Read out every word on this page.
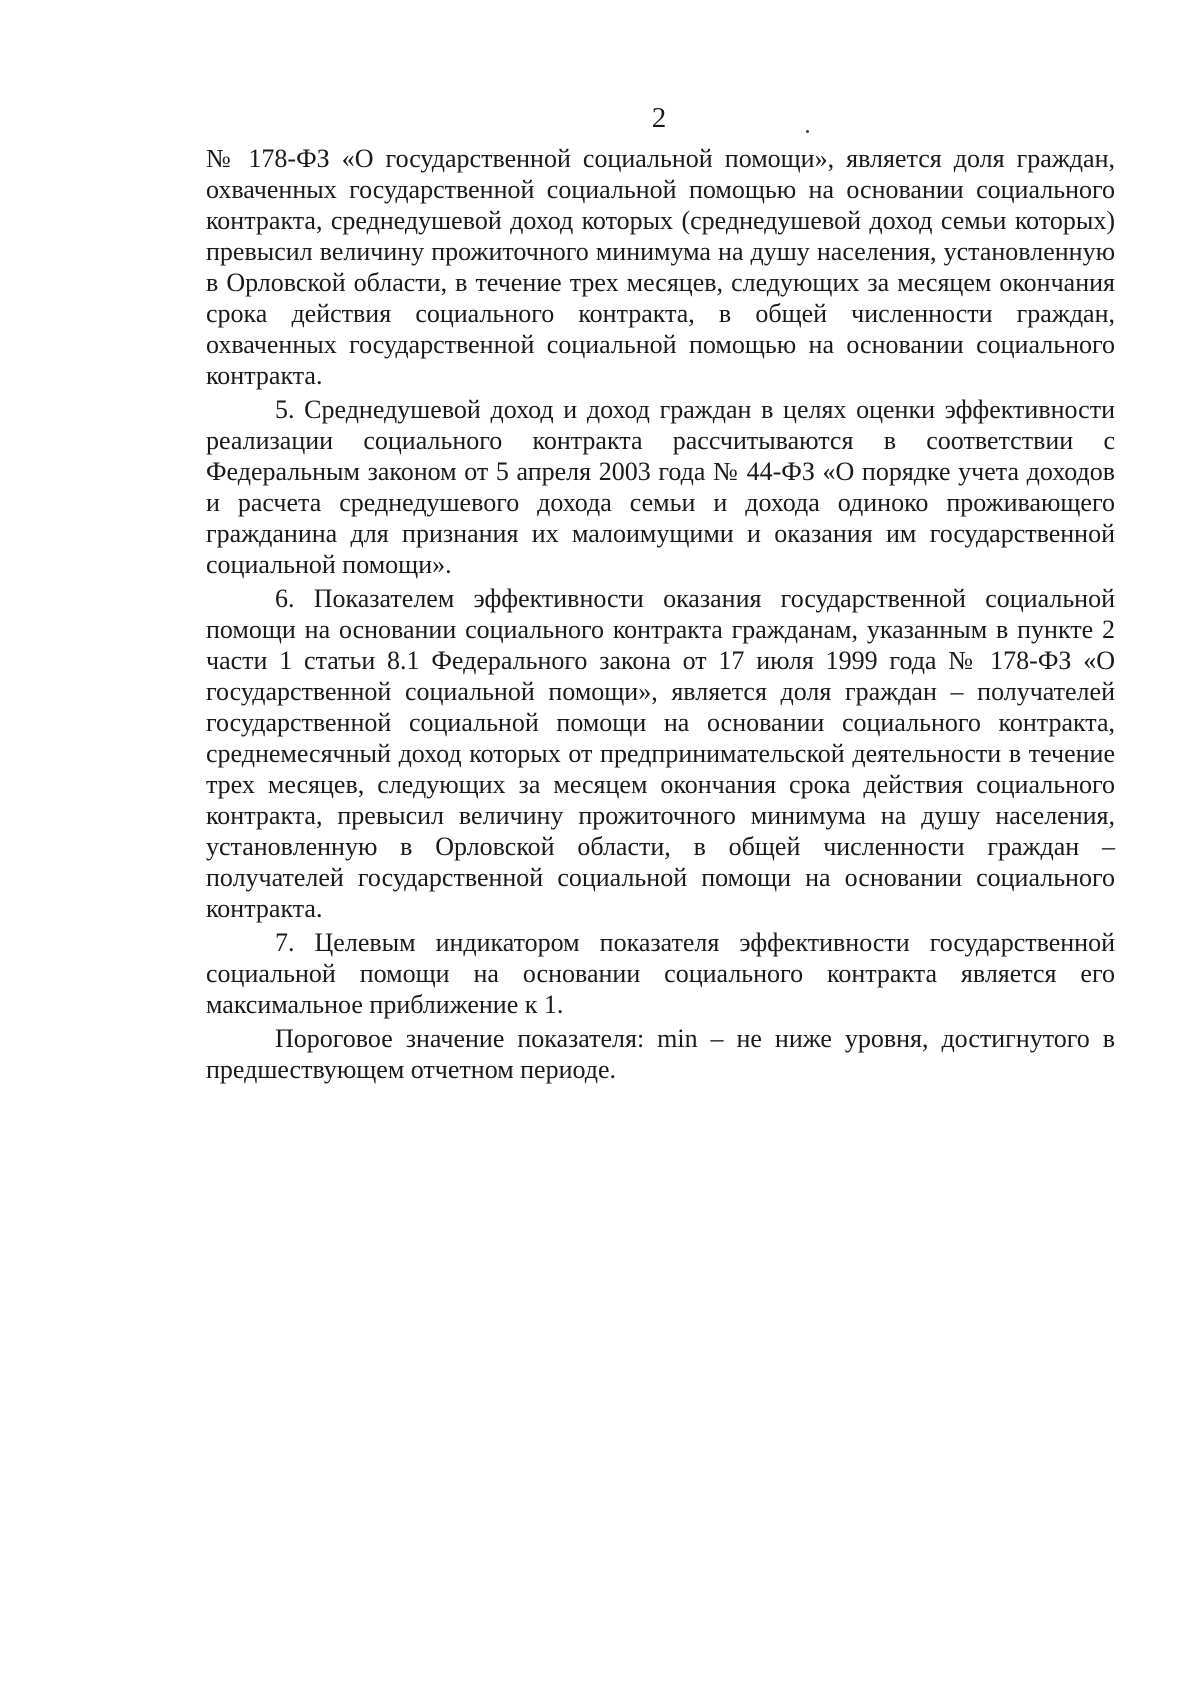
2

№ 178-ФЗ «О государственной социальной помощи», является доля граждан, охваченных государственной социальной помощью на основании социального контракта, среднедушевой доход которых (среднедушевой доход семьи которых) превысил величину прожиточного минимума на душу населения, установленную в Орловской области, в течение трех месяцев, следующих за месяцем окончания срока действия социального контракта, в общей численности граждан, охваченных государственной социальной помощью на основании социального контракта.

5. Среднедушевой доход и доход граждан в целях оценки эффективности реализации социального контракта рассчитываются в соответствии с Федеральным законом от 5 апреля 2003 года № 44-ФЗ «О порядке учета доходов и расчета среднедушевого дохода семьи и дохода одиноко проживающего гражданина для признания их малоимущими и оказания им государственной социальной помощи».

6. Показателем эффективности оказания государственной социальной помощи на основании социального контракта гражданам, указанным в пункте 2 части 1 статьи 8.1 Федерального закона от 17 июля 1999 года № 178-ФЗ «О государственной социальной помощи», является доля граждан – получателей государственной социальной помощи на основании социального контракта, среднемесячный доход которых от предпринимательской деятельности в течение трех месяцев, следующих за месяцем окончания срока действия социального контракта, превысил величину прожиточного минимума на душу населения, установленную в Орловской области, в общей численности граждан – получателей государственной социальной помощи на основании социального контракта.

7. Целевым индикатором показателя эффективности государственной социальной помощи на основании социального контракта является его максимальное приближение к 1.

Пороговое значение показателя: min – не ниже уровня, достигнутого в предшествующем отчетном периоде.
